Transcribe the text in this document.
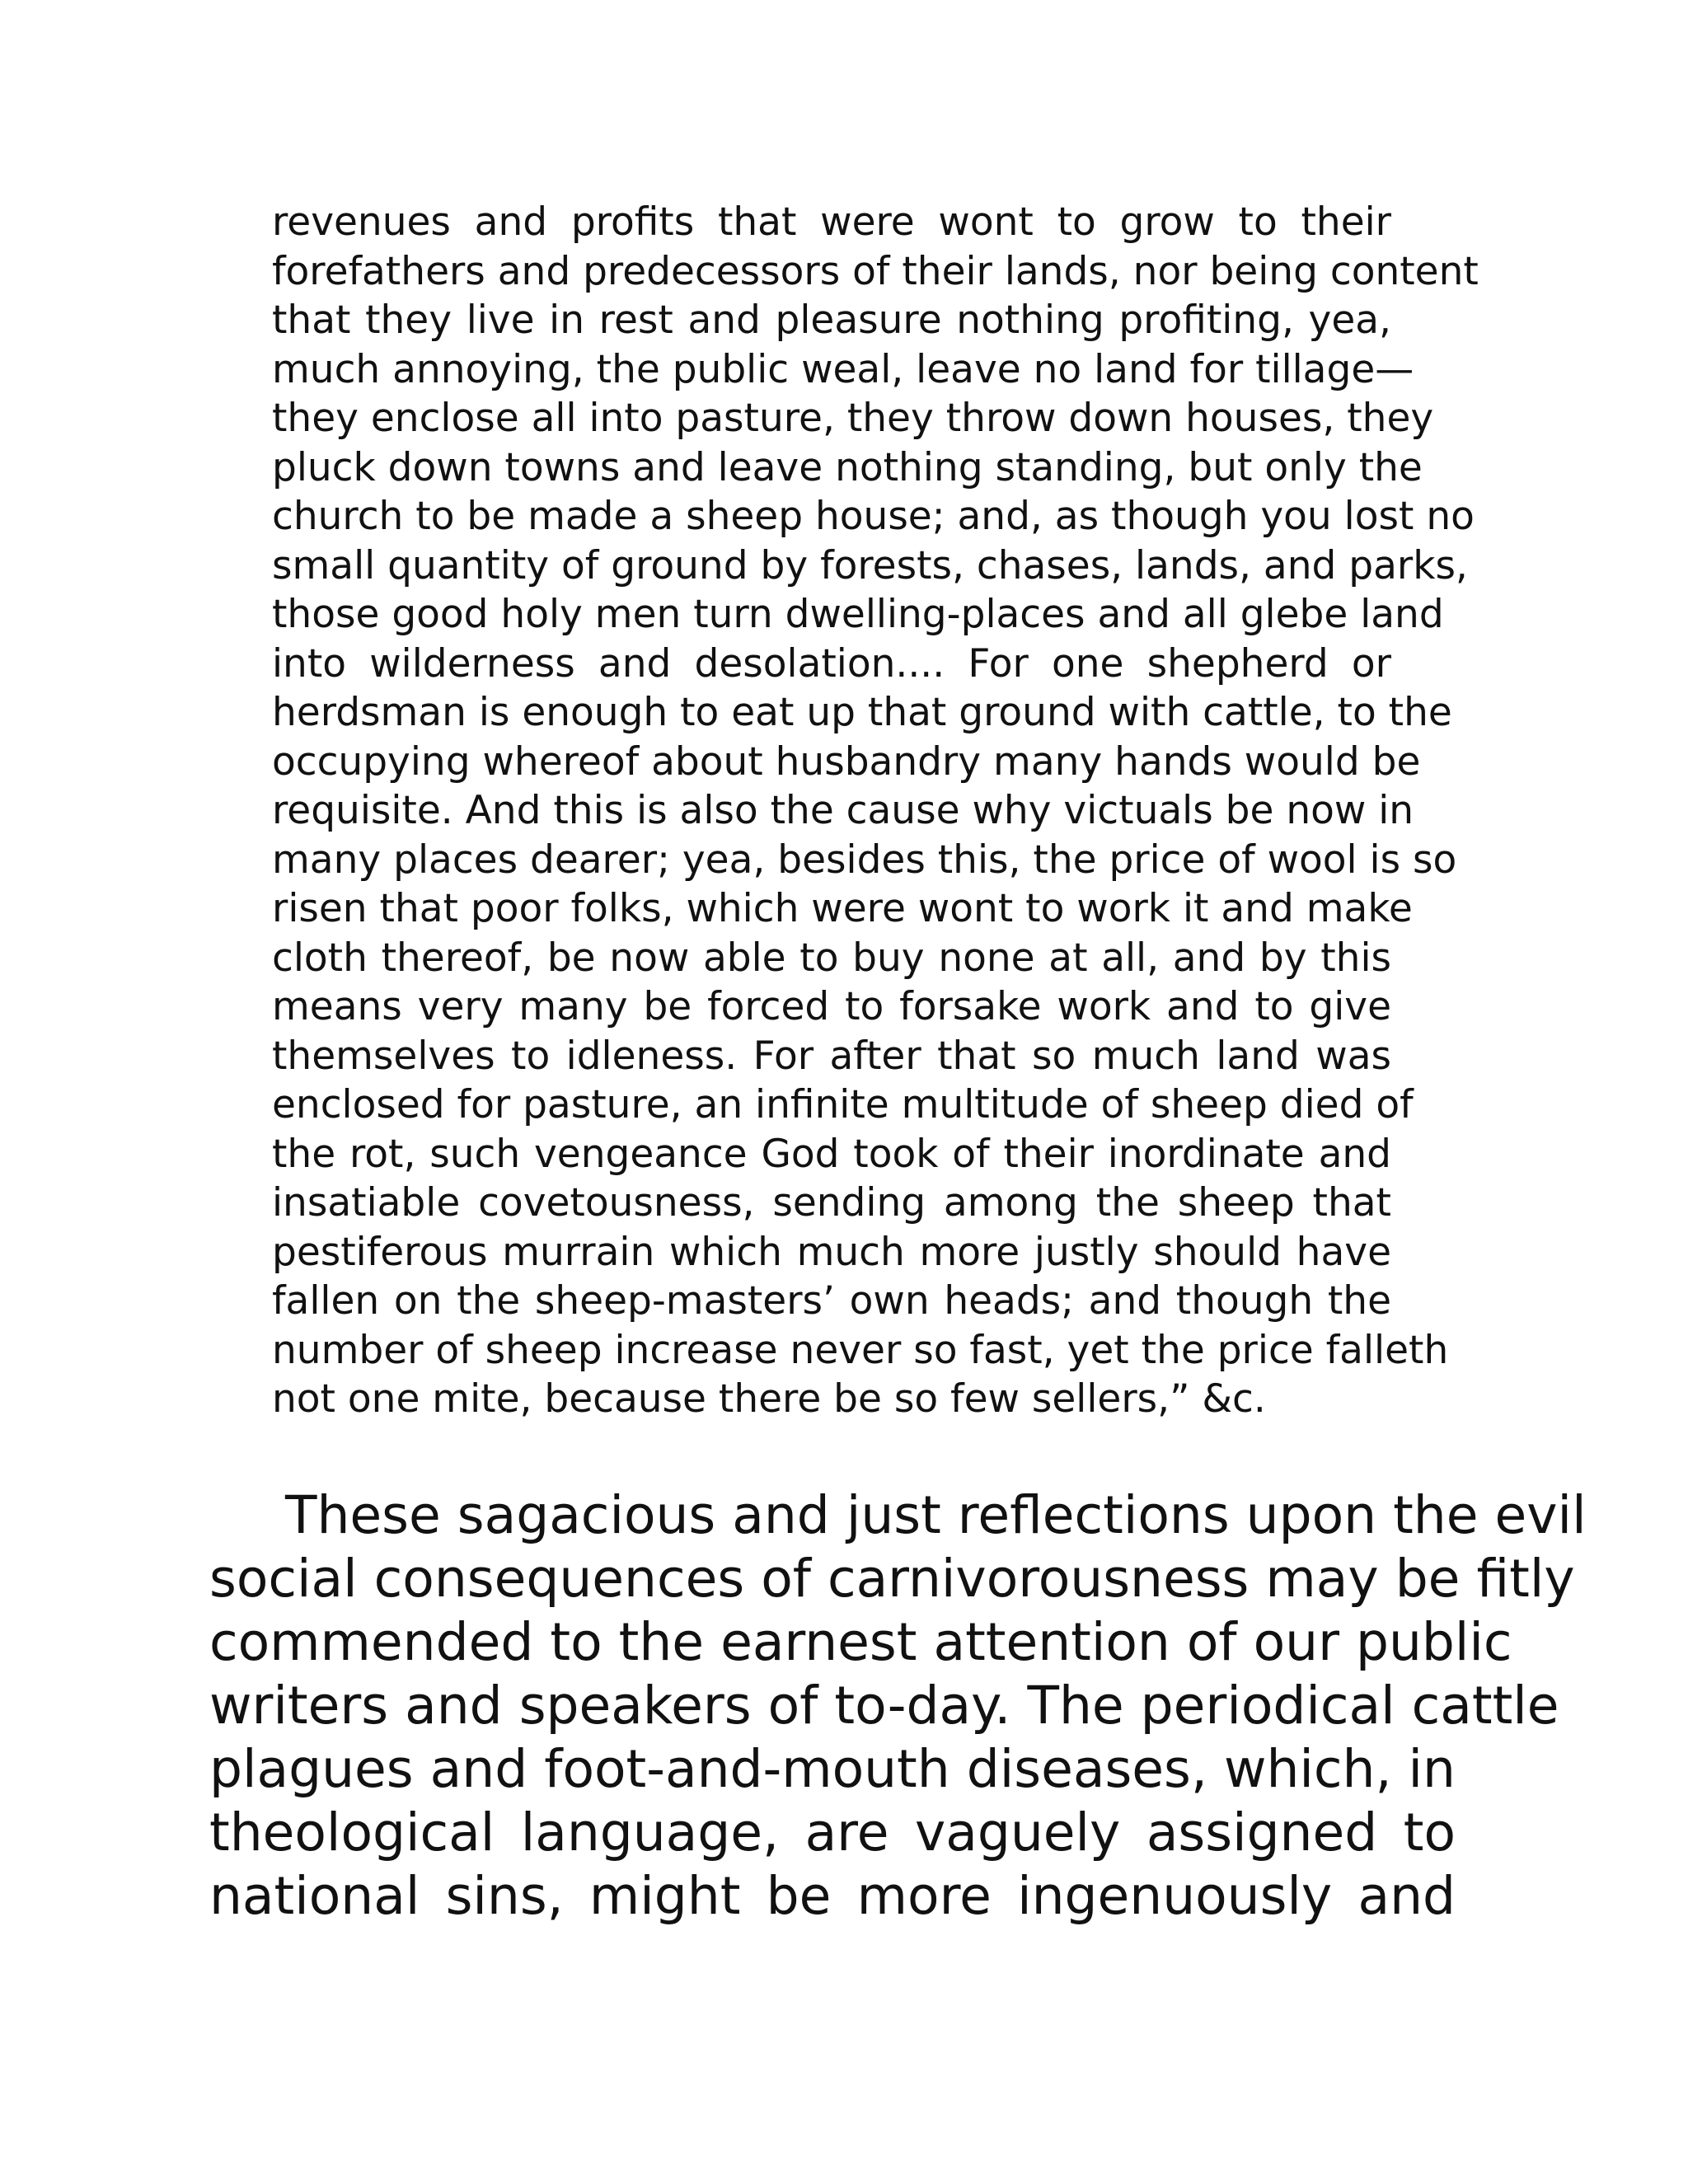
revenues and profits that were wont to grow to their
forefathers and predecessors of their lands, nor being content
that they live in rest and pleasure nothing profiting, yea,
much annoying, the public weal, leave no land for tillage—
they enclose all into pasture, they throw down houses, they
pluck down towns and leave nothing standing, but only the
church to be made a sheep house; and, as though you lost no
small quantity of ground by forests, chases, lands, and parks,
those good holy men turn dwelling-places and all glebe land
into wilderness and desolation.... For one shepherd or
herdsman is enough to eat up that ground with cattle, to the
occupying whereof about husbandry many hands would be
requisite. And this is also the cause why victuals be now in
many places dearer; yea, besides this, the price of wool is so
risen that poor folks, which were wont to work it and make
cloth thereof, be now able to buy none at all, and by this
means very many be forced to forsake work and to give
themselves to idleness. For after that so much land was
enclosed for pasture, an infinite multitude of sheep died of
the rot, such vengeance God took of their inordinate and
insatiable covetousness, sending among the sheep that
pestiferous murrain which much more justly should have
fallen on the sheep-masters’ own heads; and though the
number of sheep increase never so fast, yet the price falleth
not one mite, because there be so few sellers,” &c.
These sagacious and just reflections upon the evil
social consequences of carnivorousness may be fitly
commended to the earnest attention of our public
writers and speakers of to-day. The periodical cattle
plagues and foot-and-mouth diseases, which, in
theological language, are vaguely assigned to
national sins, might be more ingenuously and
